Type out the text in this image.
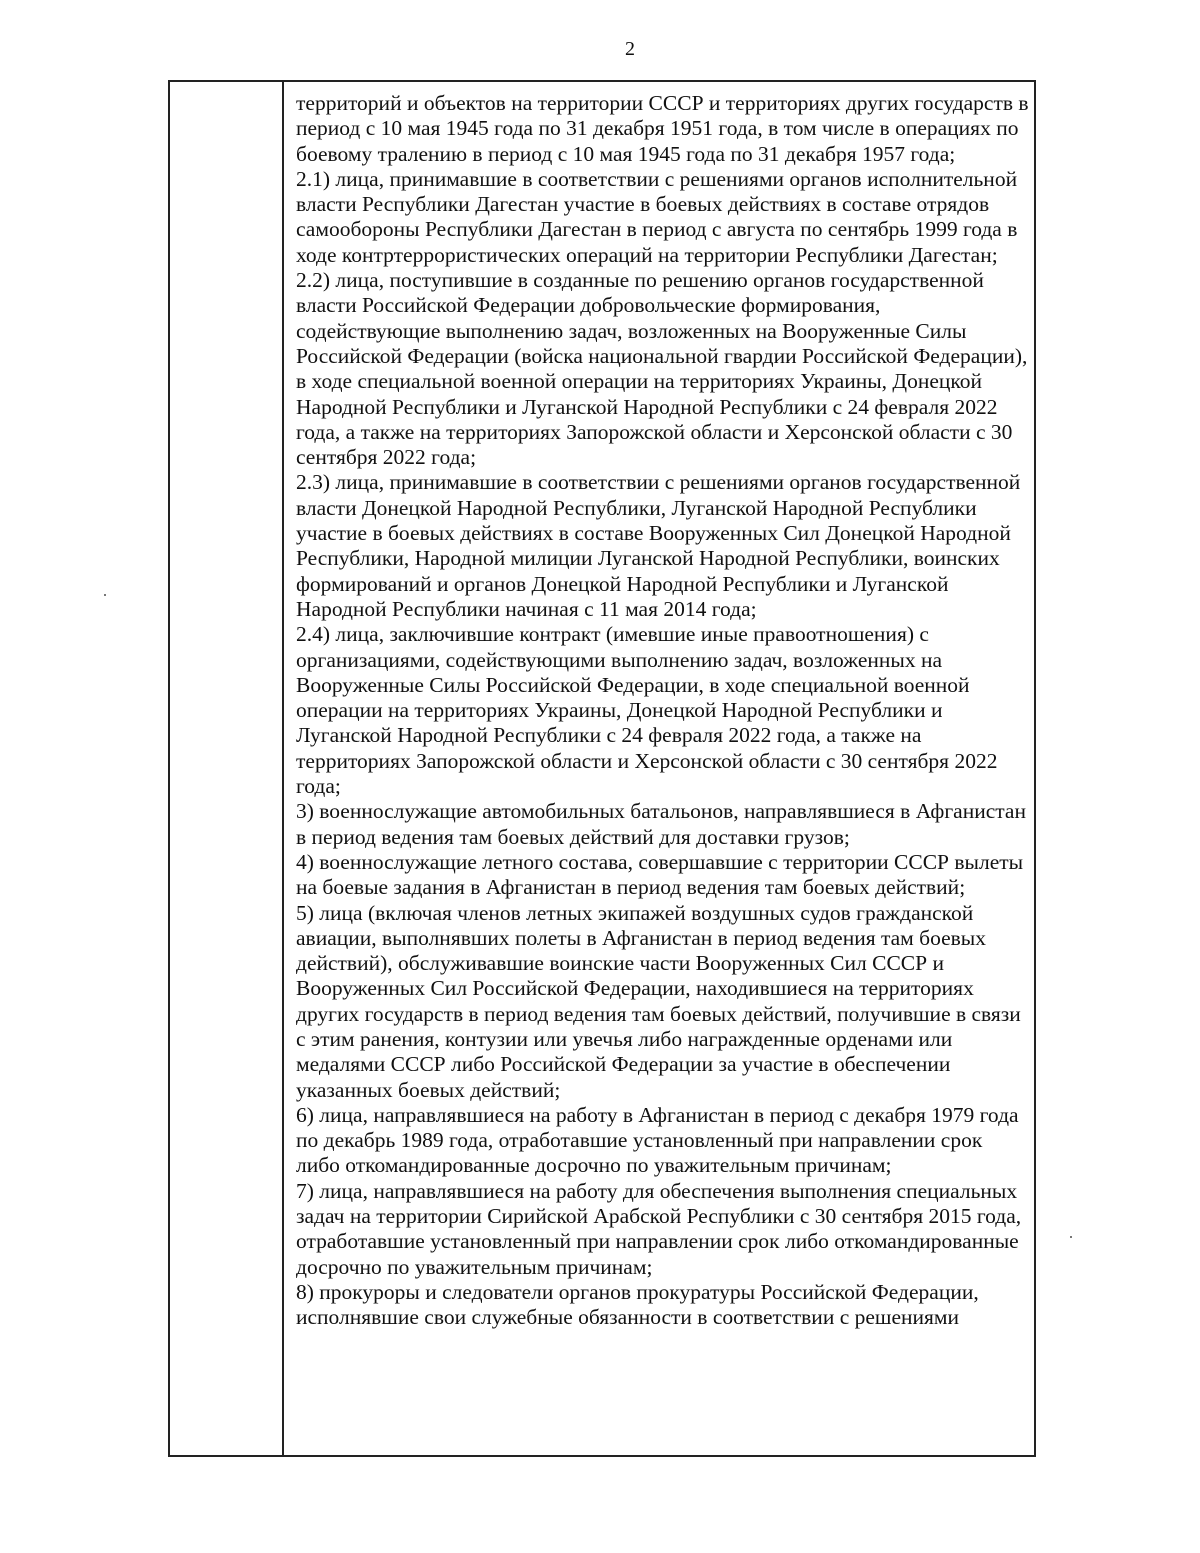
2

территорий и объектов на территории СССР и территориях других государств в период с 10 мая 1945 года по 31 декабря 1951 года, в том числе в операциях по боевому тралению в период с 10 мая 1945 года по 31 декабря 1957 года;

2.1) лица, принимавшие в соответствии с решениями органов исполнительной власти Республики Дагестан участие в боевых действиях в составе отрядов самообороны Республики Дагестан в период с августа по сентябрь 1999 года в ходе контртеррористических операций на территории Республики Дагестан;

2.2) лица, поступившие в созданные по решению органов государственной власти Российской Федерации добровольческие формирования, содействующие выполнению задач, возложенных на Вооруженные Силы Российской Федерации (войска национальной гвардии Российской Федерации), в ходе специальной военной операции на территориях Украины, Донецкой Народной Республики и Луганской Народной Республики с 24 февраля 2022 года, а также на территориях Запорожской области и Херсонской области с 30 сентября 2022 года;

2.3) лица, принимавшие в соответствии с решениями органов государственной власти Донецкой Народной Республики, Луганской Народной Республики участие в боевых действиях в составе Вооруженных Сил Донецкой Народной Республики, Народной милиции Луганской Народной Республики, воинских формирований и органов Донецкой Народной Республики и Луганской Народной Республики начиная с 11 мая 2014 года;

2.4) лица, заключившие контракт (имевшие иные правоотношения) с организациями, содействующими выполнению задач, возложенных на Вооруженные Силы Российской Федерации, в ходе специальной военной операции на территориях Украины, Донецкой Народной Республики и Луганской Народной Республики с 24 февраля 2022 года, а также на территориях Запорожской области и Херсонской области с 30 сентября 2022 года;

3) военнослужащие автомобильных батальонов, направлявшиеся в Афганистан в период ведения там боевых действий для доставки грузов;

4) военнослужащие летного состава, совершавшие с территории СССР вылеты на боевые задания в Афганистан в период ведения там боевых действий;

5) лица (включая членов летных экипажей воздушных судов гражданской авиации, выполнявших полеты в Афганистан в период ведения там боевых действий), обслуживавшие воинские части Вооруженных Сил СССР и Вооруженных Сил Российской Федерации, находившиеся на территориях других государств в период ведения там боевых действий, получившие в связи с этим ранения, контузии или увечья либо награжденные орденами или медалями СССР либо Российской Федерации за участие в обеспечении указанных боевых действий;

6) лица, направлявшиеся на работу в Афганистан в период с декабря 1979 года по декабрь 1989 года, отработавшие установленный при направлении срок либо откомандированные досрочно по уважительным причинам;

7) лица, направлявшиеся на работу для обеспечения выполнения специальных задач на территории Сирийской Арабской Республики с 30 сентября 2015 года, отработавшие установленный при направлении срок либо откомандированные досрочно по уважительным причинам;

8) прокуроры и следователи органов прокуратуры Российской Федерации, исполнявшие свои служебные обязанности в соответствии с решениями
